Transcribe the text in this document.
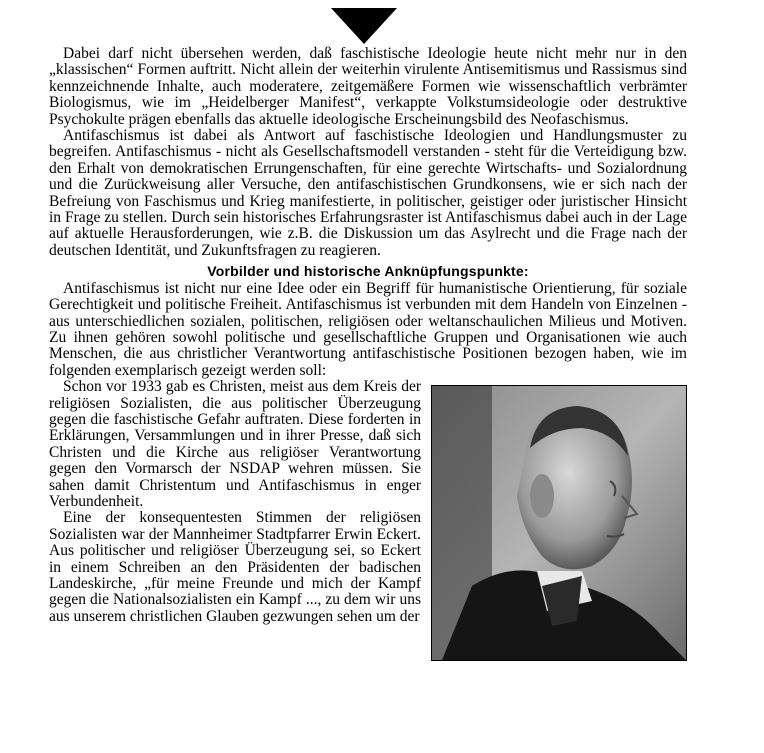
Dabei darf nicht übersehen werden, daß faschistische Ideologie heute nicht mehr nur in den „klassischen“ Formen auftritt. Nicht allein der weiterhin virulente Antisemitismus und Rassismus sind kennzeichnende Inhalte, auch moderatere, zeitgemäßere Formen wie wissenschaftlich verbrämter Biologismus, wie im „Heidelberger Manifest“, verkappte Volkstumsideologie oder destruktive Psychokulte prägen ebenfalls das aktuelle ideologische Erscheinungsbild des Neofaschismus.

Antifaschismus ist dabei als Antwort auf faschistische Ideologien und Handlungsmuster zu begreifen. Antifaschismus - nicht als Gesellschaftsmodell verstanden - steht für die Verteidigung bzw. den Erhalt von demokratischen Errungenschaften, für eine gerechte Wirtschafts- und Sozialordnung und die Zurückweisung aller Versuche, den antifaschistischen Grundkonsens, wie er sich nach der Befreiung von Faschismus und Krieg manifestierte, in politischer, geistiger oder juristischer Hinsicht in Frage zu stellen. Durch sein historisches Erfahrungsraster ist Antifaschismus dabei auch in der Lage auf aktuelle Herausforderungen, wie z.B. die Diskussion um das Asylrecht und die Frage nach der deutschen Identität, und Zukunftsfragen zu reagieren.

Vorbilder und historische Anknüpfungspunkte:

Antifaschismus ist nicht nur eine Idee oder ein Begriff für humanistische Orientierung, für soziale Gerechtigkeit und politische Freiheit. Antifaschismus ist verbunden mit dem Handeln von Einzelnen - aus unterschiedlichen sozialen, politischen, religiösen oder weltanschaulichen Milieus und Motiven. Zu ihnen gehören sowohl politische und gesellschaftliche Gruppen und Organisationen wie auch Menschen, die aus christlicher Verantwortung antifaschistische Positionen bezogen haben, wie im folgenden exemplarisch gezeigt werden soll:

Schon vor 1933 gab es Christen, meist aus dem Kreis der religiösen Sozialisten, die aus politischer Überzeugung gegen die faschistische Gefahr auftraten. Diese forderten in Erklärungen, Versammlungen und in ihrer Presse, daß sich Christen und die Kirche aus religiöser Verantwortung gegen den Vormarsch der NSDAP wehren müssen. Sie sahen damit Christentum und Antifaschismus in enger Verbundenheit.

Eine der konsequentesten Stimmen der religiösen Sozialisten war der Mannheimer Stadtpfarrer Erwin Eckert. Aus politischer und religiöser Überzeugung sei, so Eckert in einem Schreiben an den Präsidenten der badischen Landeskirche, „für meine Freunde und mich der Kampf gegen die Nationalsozialisten ein Kampf ..., zu dem wir uns aus unserem christlichen Glauben gezwungen sehen um der
